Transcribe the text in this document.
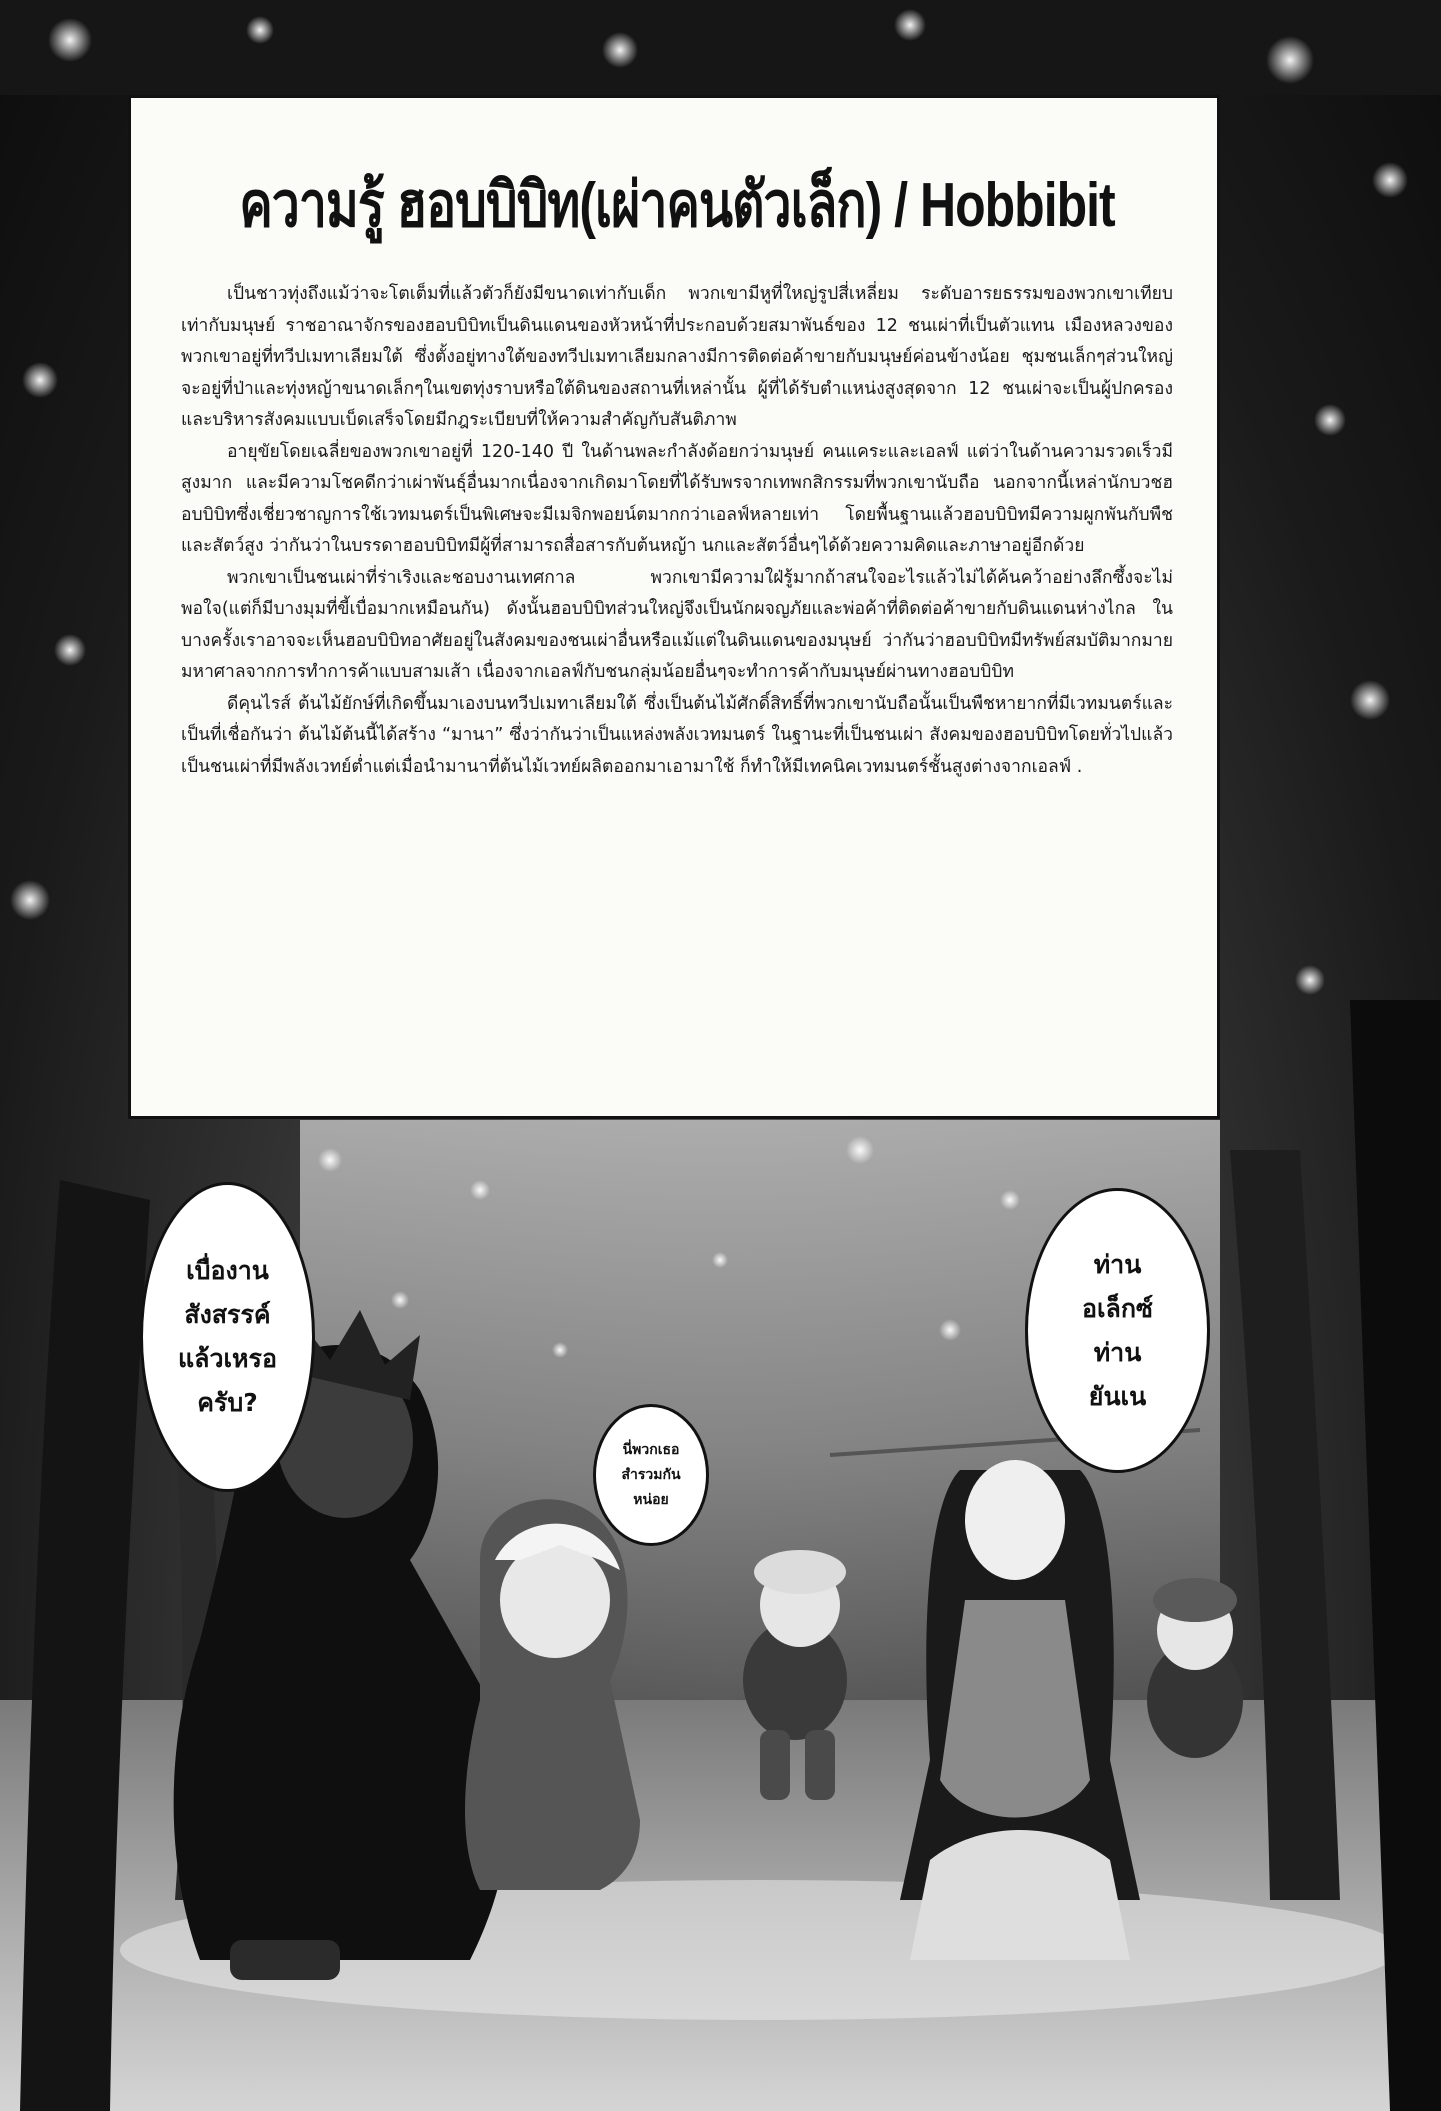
ความรู้ ฮอบบิบิท(เผ่าคนตัวเล็ก) / Hobbibit

เป็นชาวทุ่งถึงแม้ว่าจะโตเต็มที่แล้วตัวก็ยังมีขนาดเท่ากับเด็ก พวกเขามีหูที่ใหญ่รูปสี่เหลี่ยม ระดับอารยธรรมของพวกเขาเทียบเท่ากับมนุษย์ ราชอาณาจักรของฮอบบิบิทเป็นดินแดนของหัวหน้าที่ประกอบด้วยสมาพันธ์ของ 12 ชนเผ่าที่เป็นตัวแทน เมืองหลวงของพวกเขาอยู่ที่ทวีปเมทาเลียมใต้ ซึ่งตั้งอยู่ทางใต้ของทวีปเมทาเลียมกลางมีการติดต่อค้าขายกับมนุษย์ค่อนข้างน้อย ชุมชนเล็กๆส่วนใหญ่จะอยู่ที่ป่าและทุ่งหญ้าขนาดเล็กๆในเขตทุ่งราบหรือใต้ดินของสถานที่เหล่านั้น ผู้ที่ได้รับตำแหน่งสูงสุดจาก 12 ชนเผ่าจะเป็นผู้ปกครองและบริหารสังคมแบบเบ็ดเสร็จโดยมีกฎระเบียบที่ให้ความสำคัญกับสันติภาพ

อายุขัยโดยเฉลี่ยของพวกเขาอยู่ที่ 120-140 ปี ในด้านพละกำลังด้อยกว่ามนุษย์ คนแคระและเอลฟ์ แต่ว่าในด้านความรวดเร็วมีสูงมาก และมีความโชคดีกว่าเผ่าพันธุ์อื่นมากเนื่องจากเกิดมาโดยที่ได้รับพรจากเทพกสิกรรมที่พวกเขานับถือ นอกจากนี้เหล่านักบวชฮอบบิบิทซึ่งเชี่ยวชาญการใช้เวทมนตร์เป็นพิเศษจะมีเมจิกพอยน์ตมากกว่าเอลฟ์หลายเท่า โดยพื้นฐานแล้วฮอบบิบิทมีความผูกพันกับพืชและสัตว์สูง ว่ากันว่าในบรรดาฮอบบิบิทมีผู้ที่สามารถสื่อสารกับต้นหญ้า นกและสัตว์อื่นๆได้ด้วยความคิดและภาษาอยู่อีกด้วย

พวกเขาเป็นชนเผ่าที่ร่าเริงและชอบงานเทศกาล พวกเขามีความใฝ่รู้มากถ้าสนใจอะไรแล้วไม่ได้ค้นคว้าอย่างลึกซึ้งจะไม่พอใจ(แต่ก็มีบางมุมที่ขี้เบื่อมากเหมือนกัน) ดังนั้นฮอบบิบิทส่วนใหญ่จึงเป็นนักผจญภัยและพ่อค้าที่ติดต่อค้าขายกับดินแดนห่างไกล ในบางครั้งเราอาจจะเห็นฮอบบิบิทอาศัยอยู่ในสังคมของชนเผ่าอื่นหรือแม้แต่ในดินแดนของมนุษย์ ว่ากันว่าฮอบบิบิทมีทรัพย์สมบัติมากมายมหาศาลจากการทำการค้าแบบสามเส้า เนื่องจากเอลฟ์กับชนกลุ่มน้อยอื่นๆจะทำการค้ากับมนุษย์ผ่านทางฮอบบิบิท

ดีคุนไรส์ ต้นไม้ยักษ์ที่เกิดขึ้นมาเองบนทวีปเมทาเลียมใต้ ซึ่งเป็นต้นไม้ศักดิ์สิทธิ์ที่พวกเขานับถือนั้นเป็นพืชหายากที่มีเวทมนตร์และเป็นที่เชื่อกันว่า ต้นไม้ต้นนี้ได้สร้าง “มานา” ซึ่งว่ากันว่าเป็นแหล่งพลังเวทมนตร์ ในฐานะที่เป็นชนเผ่า สังคมของฮอบบิบิทโดยทั่วไปแล้วเป็นชนเผ่าที่มีพลังเวทย์ต่ำแต่เมื่อนำมานาที่ต้นไม้เวทย์ผลิตออกมาเอามาใช้ ก็ทำให้มีเทคนิคเวทมนตร์ชั้นสูงต่างจากเอลฟ์ .

เบื่องาน
สังสรรค์
แล้วเหรอ
ครับ?
ท่าน
อเล็กซ์
ท่าน
ยันเน
นี่พวกเธอ
สำรวมกัน
หน่อย
